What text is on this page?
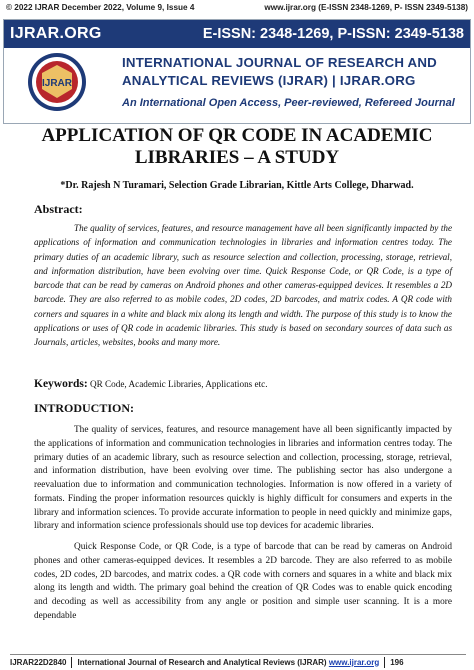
© 2022 IJRAR December 2022, Volume 9, Issue 4	www.ijrar.org (E-ISSN 2348-1269, P- ISSN 2349-5138)
IJRAR.ORG	E-ISSN: 2348-1269, P-ISSN: 2349-5138
IJRAR
INTERNATIONAL JOURNAL OF RESEARCH AND
ANALYTICAL REVIEWS (IJRAR) | IJRAR.ORG
An International Open Access, Peer-reviewed, Refereed Journal
APPLICATION OF QR CODE IN ACADEMIC
LIBRARIES – A STUDY
*Dr. Rajesh N Turamari, Selection Grade Librarian, Kittle Arts College, Dharwad.
Abstract:
The quality of services, features, and resource management have all been significantly impacted by the applications of information and communication technologies in libraries and information centres today. The primary duties of an academic library, such as resource selection and collection, processing, storage, retrieval, and information distribution, have been evolving over time. Quick Response Code, or QR Code, is a type of barcode that can be read by cameras on Android phones and other cameras-equipped devices. It resembles a 2D barcode. They are also referred to as mobile codes, 2D codes, 2D barcodes, and matrix codes. A QR code with corners and squares in a white and black mix along its length and width. The purpose of this study is to know the applications or uses of QR code in academic libraries. This study is based on secondary sources of data such as Journals, articles, websites, books and many more.
Keywords: QR Code, Academic Libraries, Applications etc.
INTRODUCTION:

The quality of services, features, and resource management have all been significantly impacted by the applications of information and communication technologies in libraries and information centres today. The primary duties of an academic library, such as resource selection and collection, processing, storage, retrieval, and information distribution, have been evolving over time. The publishing sector has also undergone a reevaluation due to information and communication technologies. Information is now offered in a variety of formats. Finding the proper information resources quickly is highly difficult for consumers and experts in the library and information sciences. To provide accurate information to people in need quickly and minimize gaps, library and information science professionals should use top devices for academic libraries.

Quick Response Code, or QR Code, is a type of barcode that can be read by cameras on Android phones and other cameras-equipped devices. It resembles a 2D barcode. They are also referred to as mobile codes, 2D codes, 2D barcodes, and matrix codes. a QR code with corners and squares in a white and black mix along its length and width. The primary goal behind the creation of QR Codes was to enable quick encoding and decoding as well as accessibility from any angle or position and simple user scanning. It is a more dependable

IJRAR22D2840 International Journal of Research and Analytical Reviews (IJRAR)
www.ijrar.org 196
